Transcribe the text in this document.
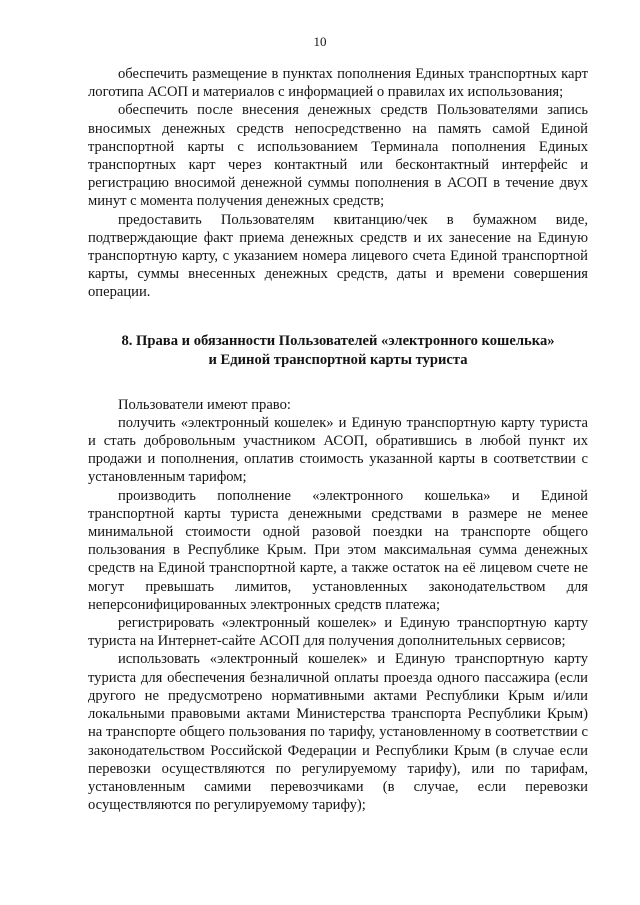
10

обеспечить размещение в пунктах пополнения Единых транспортных карт логотипа АСОП и материалов с информацией о правилах их использования;

обеспечить после внесения денежных средств Пользователями запись вносимых денежных средств непосредственно на память самой Единой транспортной карты с использованием Терминала пополнения Единых транспортных карт через контактный или бесконтактный интерфейс и регистрацию вносимой денежной суммы пополнения в АСОП в течение двух минут с момента получения денежных средств;

предоставить Пользователям квитанцию/чек в бумажном виде, подтверждающие факт приема денежных средств и их занесение на Единую транспортную карту, с указанием номера лицевого счета Единой транспортной карты, суммы внесенных денежных средств, даты и времени совершения операции.

8. Права и обязанности Пользователей «электронного кошелька»
и Единой транспортной карты туриста

Пользователи имеют право:

получить «электронный кошелек» и Единую транспортную карту туриста и стать добровольным участником АСОП, обратившись в любой пункт их продажи и пополнения, оплатив стоимость указанной карты в соответствии с установленным тарифом;

производить пополнение «электронного кошелька» и Единой транспортной карты туриста денежными средствами в размере не менее минимальной стоимости одной разовой поездки на транспорте общего пользования в Республике Крым. При этом максимальная сумма денежных средств на Единой транспортной карте, а также остаток на её лицевом счете не могут превышать лимитов, установленных законодательством для неперсонифицированных электронных средств платежа;

регистрировать «электронный кошелек» и Единую транспортную карту туриста на Интернет-сайте АСОП для получения дополнительных сервисов;

использовать «электронный кошелек» и Единую транспортную карту туриста для обеспечения безналичной оплаты проезда одного пассажира (если другого не предусмотрено нормативными актами Республики Крым и/или локальными правовыми актами Министерства транспорта Республики Крым) на транспорте общего пользования по тарифу, установленному в соответствии с законодательством Российской Федерации и Республики Крым (в случае если перевозки осуществляются по регулируемому тарифу), или по тарифам, установленным самими перевозчиками (в случае, если перевозки осуществляются по регулируемому тарифу);
